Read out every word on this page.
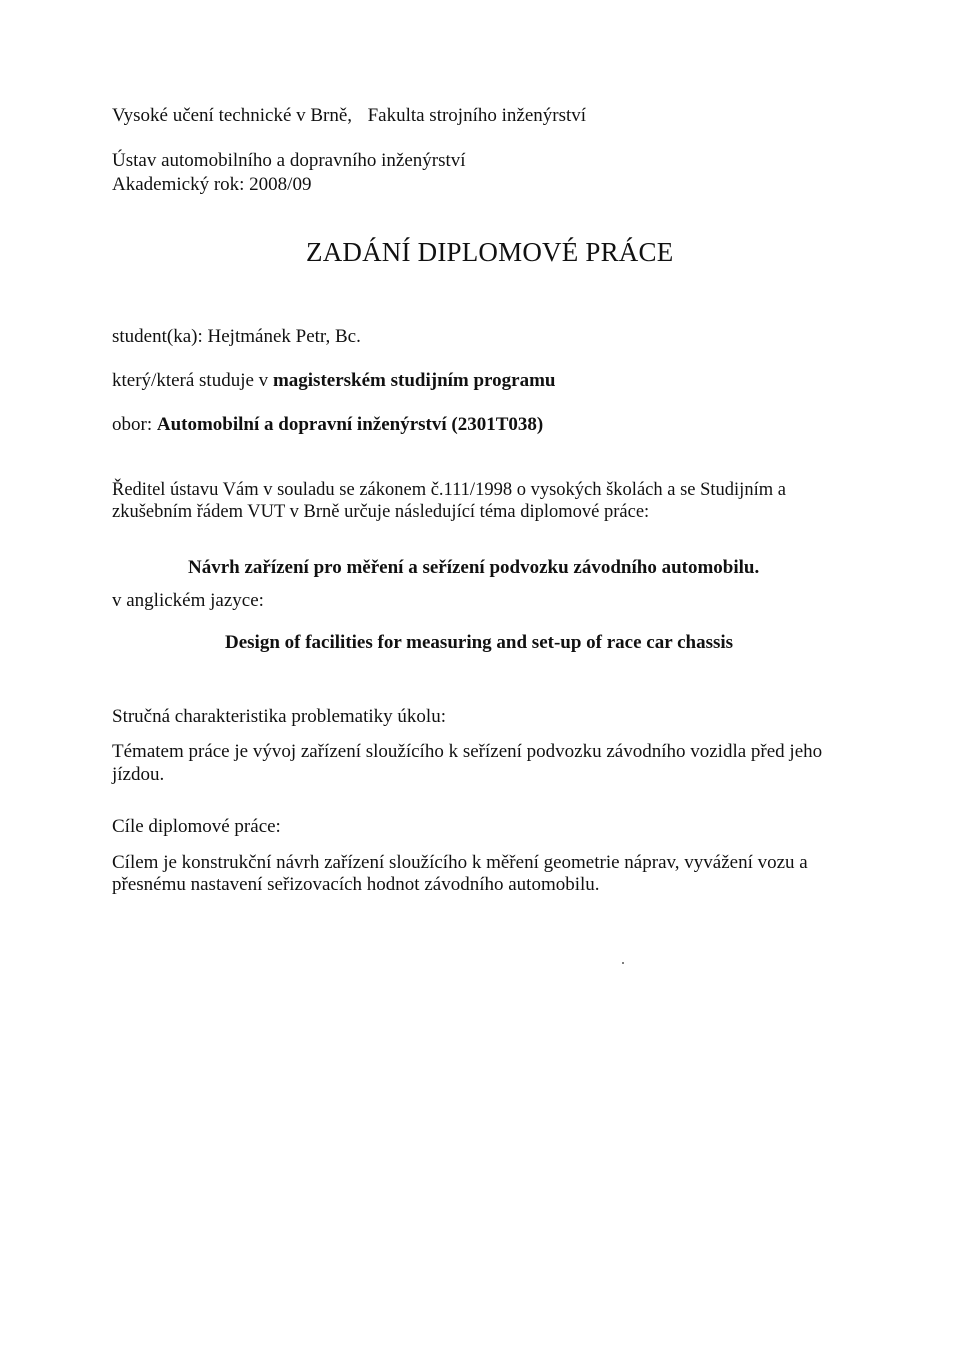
Vysoké učení technické v Brně, Fakulta strojního inženýrství
Ústav automobilního a dopravního inženýrství
Akademický rok: 2008/09
ZADÁNÍ DIPLOMOVÉ PRÁCE
student(ka): Hejtmánek Petr, Bc.
který/která studuje v magisterském studijním programu
obor: Automobilní a dopravní inženýrství (2301T038)
Ředitel ústavu Vám v souladu se zákonem č.111/1998 o vysokých školách a se Studijním a
zkušebním řádem VUT v Brně určuje následující téma diplomové práce:
Návrh zařízení pro měření a seřízení podvozku závodního automobilu.
v anglickém jazyce:
Design of facilities for measuring and set-up of race car chassis
Stručná charakteristika problematiky úkolu:
Tématem práce je vývoj zařízení sloužícího k seřízení podvozku závodního vozidla před jeho
jízdou.
Cíle diplomové práce:
Cílem je konstrukční návrh zařízení sloužícího k měření geometrie náprav, vyvážení vozu a
přesnému nastavení seřizovacích hodnot závodního automobilu.
